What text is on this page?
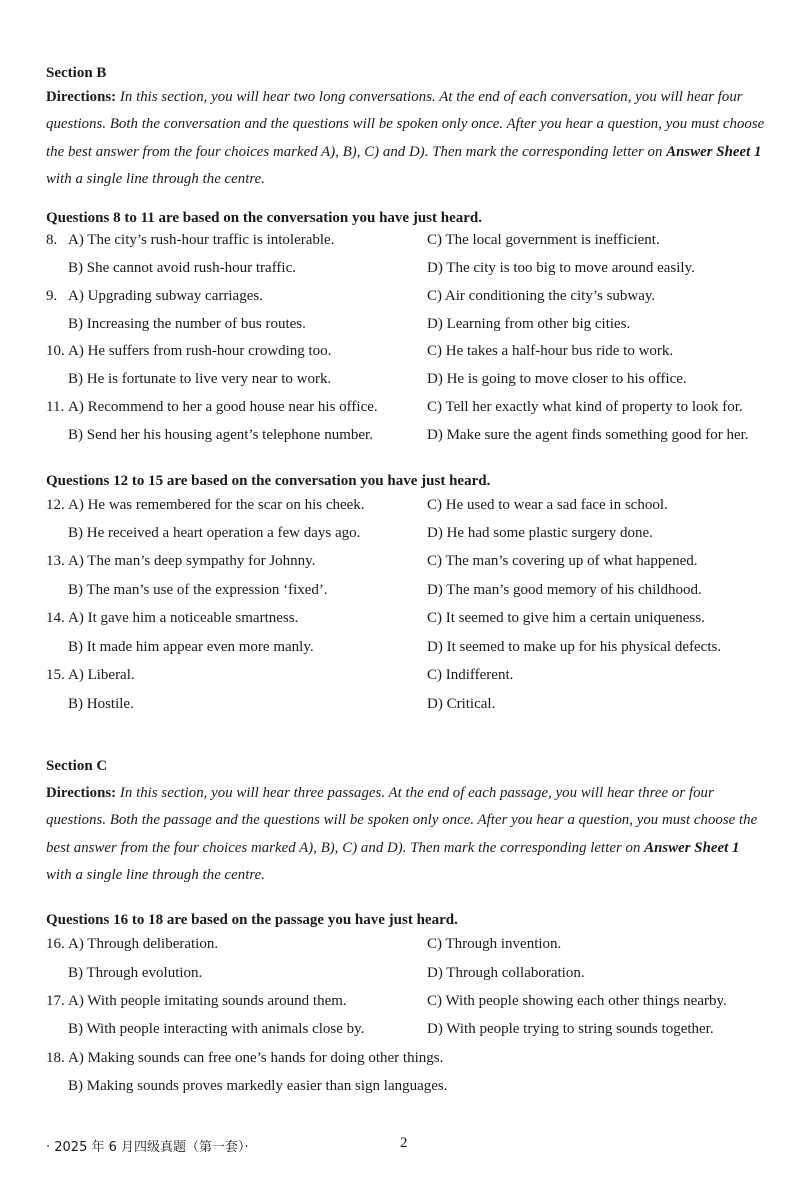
Section B
Directions: In this section, you will hear two long conversations. At the end of each conversation, you will hear four questions. Both the conversation and the questions will be spoken only once. After you hear a question, you must choose the best answer from the four choices marked A), B), C) and D). Then mark the corresponding letter on Answer Sheet 1 with a single line through the centre.
Questions 8 to 11 are based on the conversation you have just heard.
8. A) The city’s rush-hour traffic is intolerable.	C) The local government is inefficient.
B) She cannot avoid rush-hour traffic.	D) The city is too big to move around easily.
9. A) Upgrading subway carriages.	C) Air conditioning the city’s subway.
B) Increasing the number of bus routes.	D) Learning from other big cities.
10. A) He suffers from rush-hour crowding too.	C) He takes a half-hour bus ride to work.
B) He is fortunate to live very near to work.	D) He is going to move closer to his office.
11. A) Recommend to her a good house near his office.	C) Tell her exactly what kind of property to look for.
B) Send her his housing agent’s telephone number.	D) Make sure the agent finds something good for her.
Questions 12 to 15 are based on the conversation you have just heard.
12. A) He was remembered for the scar on his cheek.	C) He used to wear a sad face in school.
B) He received a heart operation a few days ago.	D) He had some plastic surgery done.
13. A) The man’s deep sympathy for Johnny.	C) The man’s covering up of what happened.
B) The man’s use of the expression ‘fixed’.	D) The man’s good memory of his childhood.
14. A) It gave him a noticeable smartness.	C) It seemed to give him a certain uniqueness.
B) It made him appear even more manly.	D) It seemed to make up for his physical defects.
15. A) Liberal.	C) Indifferent.
B) Hostile.	D) Critical.
Section C
Directions: In this section, you will hear three passages. At the end of each passage, you will hear three or four questions. Both the passage and the questions will be spoken only once. After you hear a question, you must choose the best answer from the four choices marked A), B), C) and D). Then mark the corresponding letter on Answer Sheet 1 with a single line through the centre.
Questions 16 to 18 are based on the passage you have just heard.
16. A) Through deliberation.	C) Through invention.
B) Through evolution.	D) Through collaboration.
17. A) With people imitating sounds around them.	C) With people showing each other things nearby.
B) With people interacting with animals close by.	D) With people trying to string sounds together.
18. A) Making sounds can free one’s hands for doing other things.
B) Making sounds proves markedly easier than sign languages.
· 2025 年 6 月四级真题（第一套）·	2
